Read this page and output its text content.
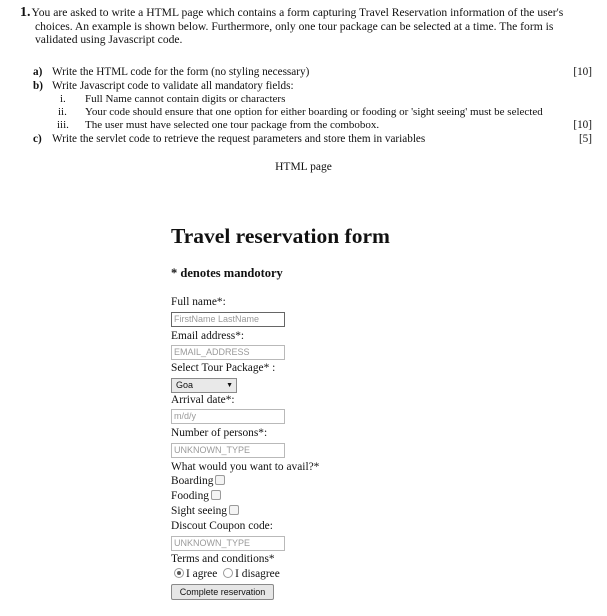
1.You are asked to write a HTML page which contains a form capturing Travel Reservation information of the user's choices. An example is shown below. Furthermore, only one tour package can be selected at a time. The form is validated using Javascript code.

a) Write the HTML code for the form (no styling necessary)	[10]
b) Write Javascript code to validate all mandatory fields:
i. Full Name cannot contain digits or characters
ii. Your code should ensure that one option for either boarding or fooding or 'sight seeing' must be selected
iii. The user must have selected one tour package from the combobox.	[10]
c) Write the servlet code to retrieve the request parameters and store them in variables	[5]
HTML page
Travel reservation form
* denotes mandotory
Full name*:
FirstName LastName
Email address*:
EMAIL_ADDRESS
Select Tour Package* :
Goa	▼
Arrival date*:
m/d/y
Number of persons*:
UNKNOWN_TYPE
What would you want to avail?*
Boarding
Fooding
Sight seeing
Discout Coupon code:
UNKNOWN_TYPE
Terms and conditions*
I agree I disagree
Complete reservation
